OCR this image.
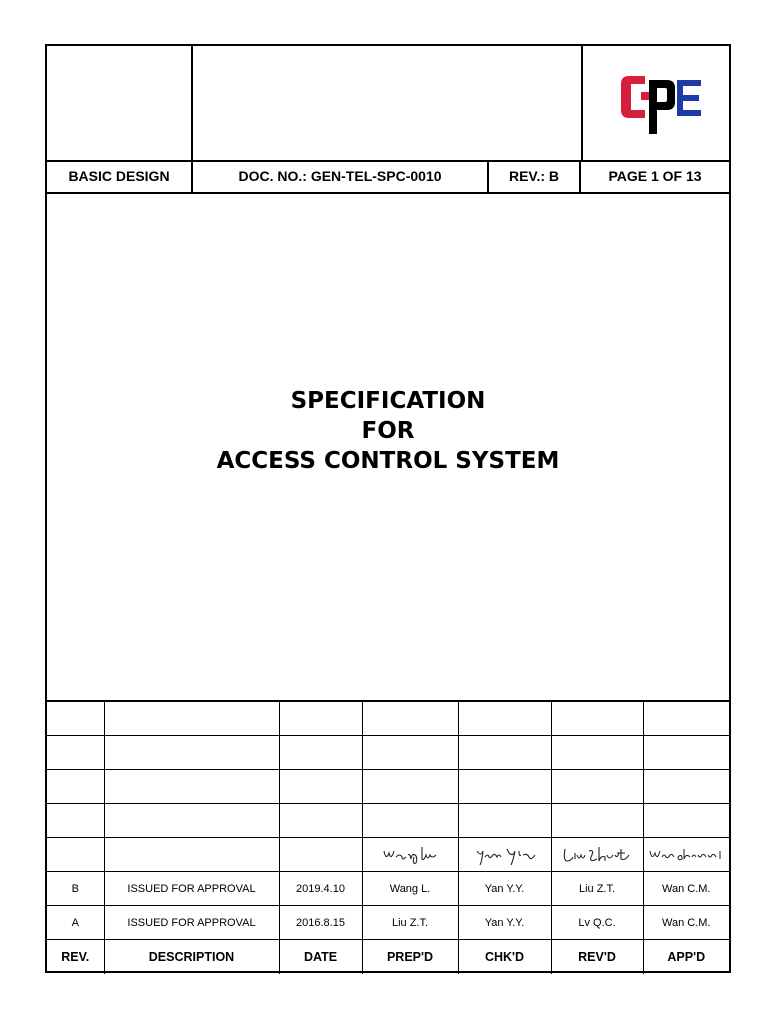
BASIC DESIGN	DOC. NO.: GEN-TEL-SPC-0010	REV.: B	PAGE 1 OF 13
SPECIFICATION
FOR
ACCESS CONTROL SYSTEM

B	ISSUED FOR APPROVAL	2019.4.10	Wang L.	Yan Y.Y.	Liu Z.T.	Wan C.M.
A	ISSUED FOR APPROVAL	2016.8.15	Liu Z.T.	Yan Y.Y.	Lv Q.C.	Wan C.M.
REV.	DESCRIPTION	DATE	PREP'D	CHK'D	REV'D	APP'D
